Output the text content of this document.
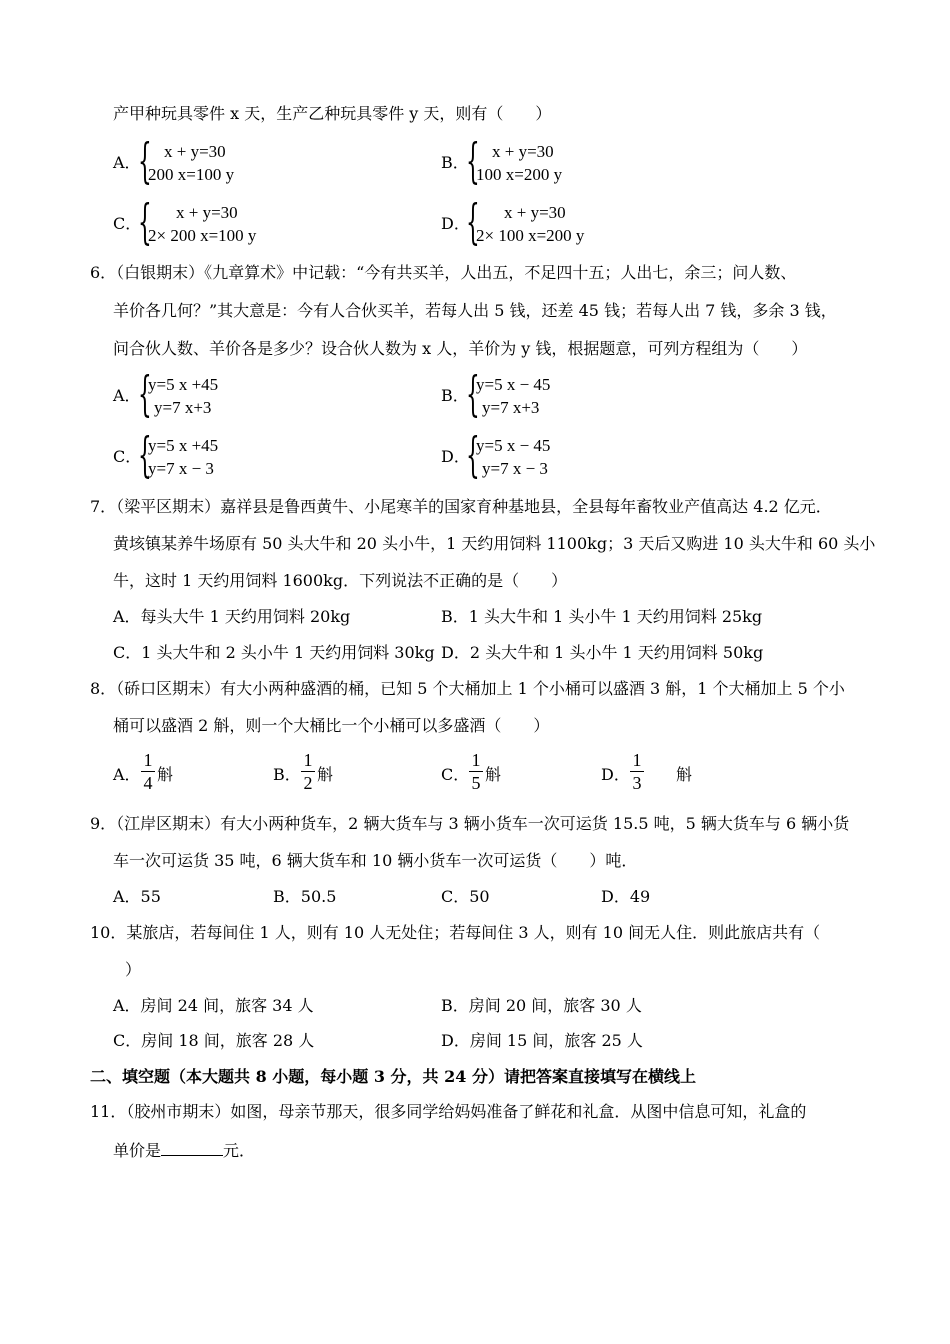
产甲种玩具零件 x 天，生产乙种玩具零件 y 天，则有（　　）
A．
{ x + y=30
200 x=100 y
B．
{ x + y=30
100 x=200 y
C．
{ x + y=30
2× 200 x=100 y
D．
{ x + y=30
2× 100 x=200 y
6．（白银期末）《九章算术》中记载：“今有共买羊，人出五，不足四十五；人出七，余三；问人数、
羊价各几何？”其大意是：今有人合伙买羊，若每人出 5 钱，还差 45 钱；若每人出 7 钱，多余 3 钱，
问合伙人数、羊价各是多少？设合伙人数为 x 人，羊价为 y 钱，根据题意，可列方程组为（　　）
A．
{
y=5 x +45
y=7 x+3
B．
{
y=5 x − 45
y=7 x+3
C．
{
y=5 x +45
y=7 x − 3
D．
{
y=5 x − 45
y=7 x − 3
7．（梁平区期末）嘉祥县是鲁西黄牛、小尾寒羊的国家育种基地县，全县每年畜牧业产值高达 4.2 亿元．
黄垓镇某养牛场原有 50 头大牛和 20 头小牛，1 天约用饲料 1100kg；3 天后又购进 10 头大牛和 60 头小
牛，这时 1 天约用饲料 1600kg．下列说法不正确的是（　　）
A．每头大牛 1 天约用饲料 20kg	B．1 头大牛和 1 头小牛 1 天约用饲料 25kg
C．1 头大牛和 2 头小牛 1 天约用饲料 30kg D．2 头大牛和 1 头小牛 1 天约用饲料 50kg
8．（硚口区期末）有大小两种盛酒的桶，已知 5 个大桶加上 1 个小桶可以盛酒 3 斛，1 个大桶加上 5 个小
桶可以盛酒 2 斛，则一个大桶比一个小桶可以多盛酒（　　）
A．
1
4 斛	B．
1
2 斛	C．
1
5 斛	D．
1
3 斛
9．（江岸区期末）有大小两种货车，2 辆大货车与 3 辆小货车一次可运货 15.5 吨，5 辆大货车与 6 辆小货
车一次可运货 35 吨，6 辆大货车和 10 辆小货车一次可运货（　　）吨．
A．55	B．50.5	C．50	D．49
10．某旅店，若每间住 1 人，则有 10 人无处住；若每间住 3 人，则有 10 间无人住．则此旅店共有（
）
A．房间 24 间，旅客 34 人	B．房间 20 间，旅客 30 人
C．房间 18 间，旅客 28 人	D．房间 15 间，旅客 25 人
二、填空题（本大题共 8 小题，每小题 3 分，共 24 分）请把答案直接填写在横线上
11．（胶州市期末）如图，母亲节那天，很多同学给妈妈准备了鲜花和礼盒．从图中信息可知，礼盒的
单价是	元．
